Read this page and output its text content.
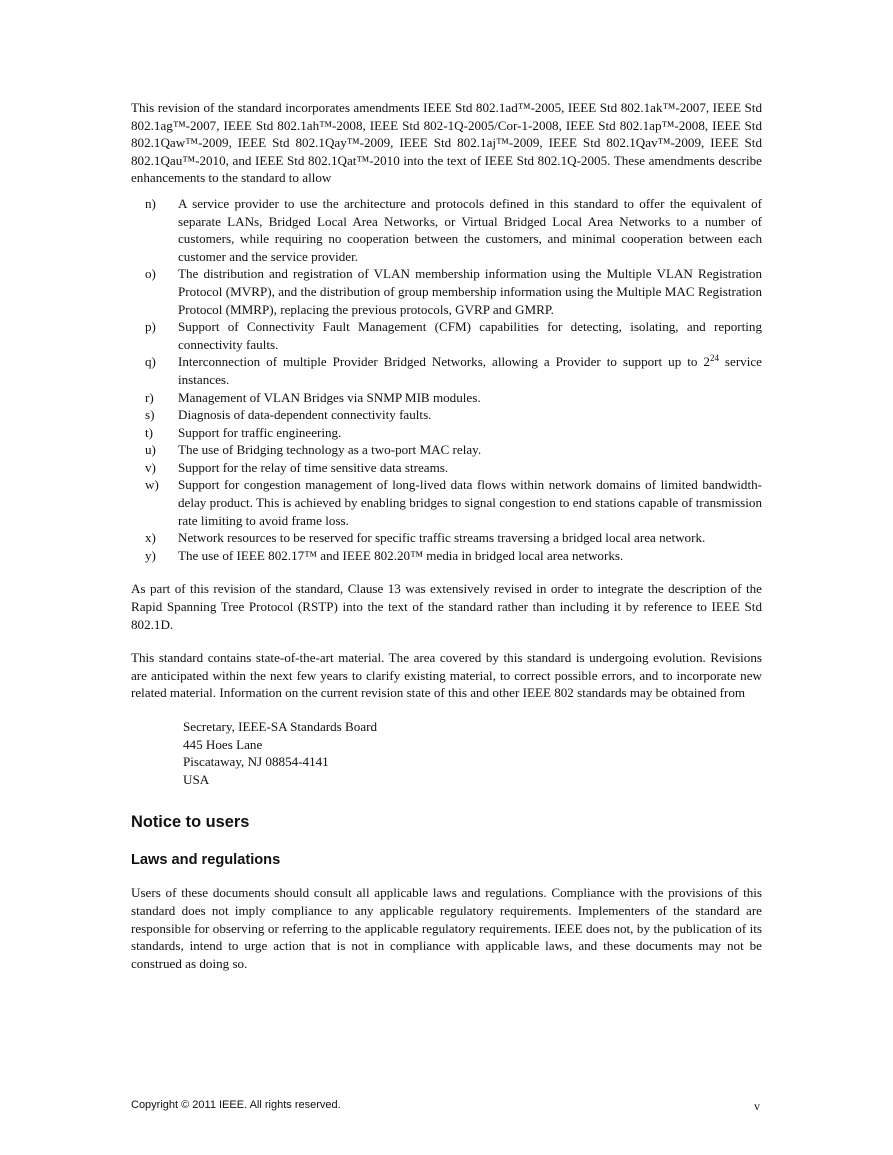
This revision of the standard incorporates amendments IEEE Std 802.1ad™-2005, IEEE Std 802.1ak™-2007, IEEE Std 802.1ag™-2007, IEEE Std 802.1ah™-2008, IEEE Std 802-1Q-2005/Cor-1-2008, IEEE Std 802.1ap™-2008, IEEE Std 802.1Qaw™-2009, IEEE Std 802.1Qay™-2009, IEEE Std 802.1aj™-2009, IEEE Std 802.1Qav™-2009, IEEE Std 802.1Qau™-2010, and IEEE Std 802.1Qat™-2010 into the text of IEEE Std 802.1Q-2005. These amendments describe enhancements to the standard to allow

n) A service provider to use the architecture and protocols defined in this standard to offer the equivalent of separate LANs, Bridged Local Area Networks, or Virtual Bridged Local Area Networks to a number of customers, while requiring no cooperation between the customers, and minimal cooperation between each customer and the service provider.
o) The distribution and registration of VLAN membership information using the Multiple VLAN Registration Protocol (MVRP), and the distribution of group membership information using the Multiple MAC Registration Protocol (MMRP), replacing the previous protocols, GVRP and GMRP.
p) Support of Connectivity Fault Management (CFM) capabilities for detecting, isolating, and reporting connectivity faults.
q) Interconnection of multiple Provider Bridged Networks, allowing a Provider to support up to $2^{24}$ service instances.
r) Management of VLAN Bridges via SNMP MIB modules.
s) Diagnosis of data-dependent connectivity faults.
t) Support for traffic engineering.
u) The use of Bridging technology as a two-port MAC relay.
v) Support for the relay of time sensitive data streams.
w) Support for congestion management of long-lived data flows within network domains of limited bandwidth-delay product. This is achieved by enabling bridges to signal congestion to end stations capable of transmission rate limiting to avoid frame loss.
x) Network resources to be reserved for specific traffic streams traversing a bridged local area network.
y) The use of IEEE 802.17™ and IEEE 802.20™ media in bridged local area networks.

As part of this revision of the standard, Clause 13 was extensively revised in order to integrate the description of the Rapid Spanning Tree Protocol (RSTP) into the text of the standard rather than including it by reference to IEEE Std 802.1D.

This standard contains state-of-the-art material. The area covered by this standard is undergoing evolution. Revisions are anticipated within the next few years to clarify existing material, to correct possible errors, and to incorporate new related material. Information on the current revision state of this and other IEEE 802 standards may be obtained from

Secretary, IEEE-SA Standards Board
445 Hoes Lane
Piscataway, NJ 08854-4141
USA
Notice to users
Laws and regulations

Users of these documents should consult all applicable laws and regulations. Compliance with the provisions of this standard does not imply compliance to any applicable regulatory requirements. Implementers of the standard are responsible for observing or referring to the applicable regulatory requirements. IEEE does not, by the publication of its standards, intend to urge action that is not in compliance with applicable laws, and these documents may not be construed as doing so.

Copyright © 2011 IEEE. All rights reserved.	v
